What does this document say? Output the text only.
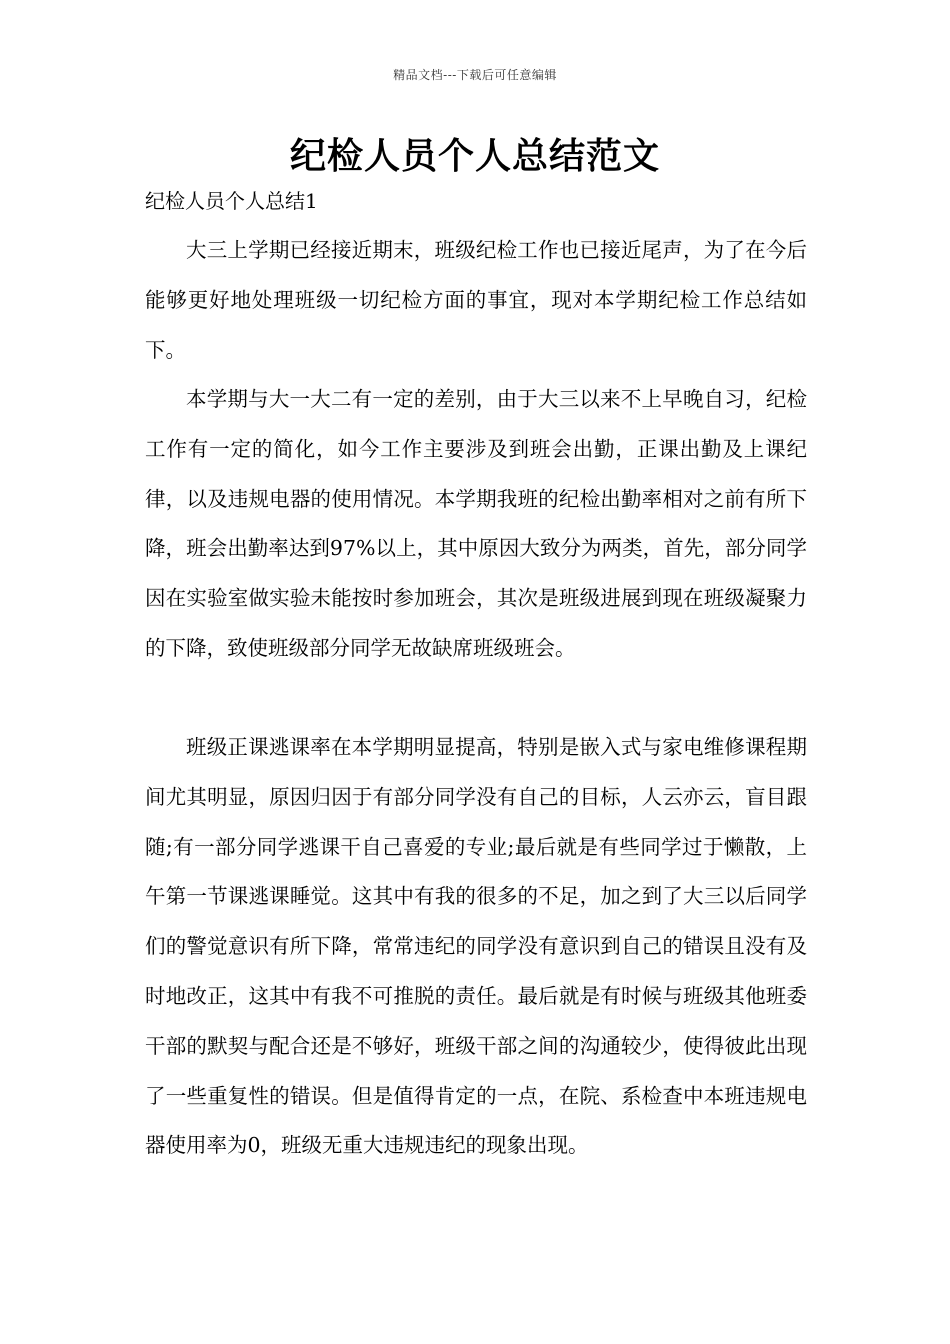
精品文档---下载后可任意编辑
纪检人员个人总结范文

纪检人员个人总结1

大三上学期已经接近期末，班级纪检工作也已接近尾声，为了在今后能够更好地处理班级一切纪检方面的事宜，现对本学期纪检工作总结如下。

本学期与大一大二有一定的差别，由于大三以来不上早晚自习，纪检工作有一定的简化，如今工作主要涉及到班会出勤，正课出勤及上课纪律，以及违规电器的使用情况。本学期我班的纪检出勤率相对之前有所下降，班会出勤率达到97%以上，其中原因大致分为两类，首先，部分同学因在实验室做实验未能按时参加班会，其次是班级进展到现在班级凝聚力的下降，致使班级部分同学无故缺席班级班会。

班级正课逃课率在本学期明显提高，特别是嵌入式与家电维修课程期间尤其明显，原因归因于有部分同学没有自己的目标，人云亦云，盲目跟随;有一部分同学逃课干自己喜爱的专业;最后就是有些同学过于懒散，上午第一节课逃课睡觉。这其中有我的很多的不足，加之到了大三以后同学们的警觉意识有所下降，常常违纪的同学没有意识到自己的错误且没有及时地改正，这其中有我不可推脱的责任。最后就是有时候与班级其他班委干部的默契与配合还是不够好，班级干部之间的沟通较少，使得彼此出现了一些重复性的错误。但是值得肯定的一点，在院、系检查中本班违规电器使用率为0，班级无重大违规违纪的现象出现。
